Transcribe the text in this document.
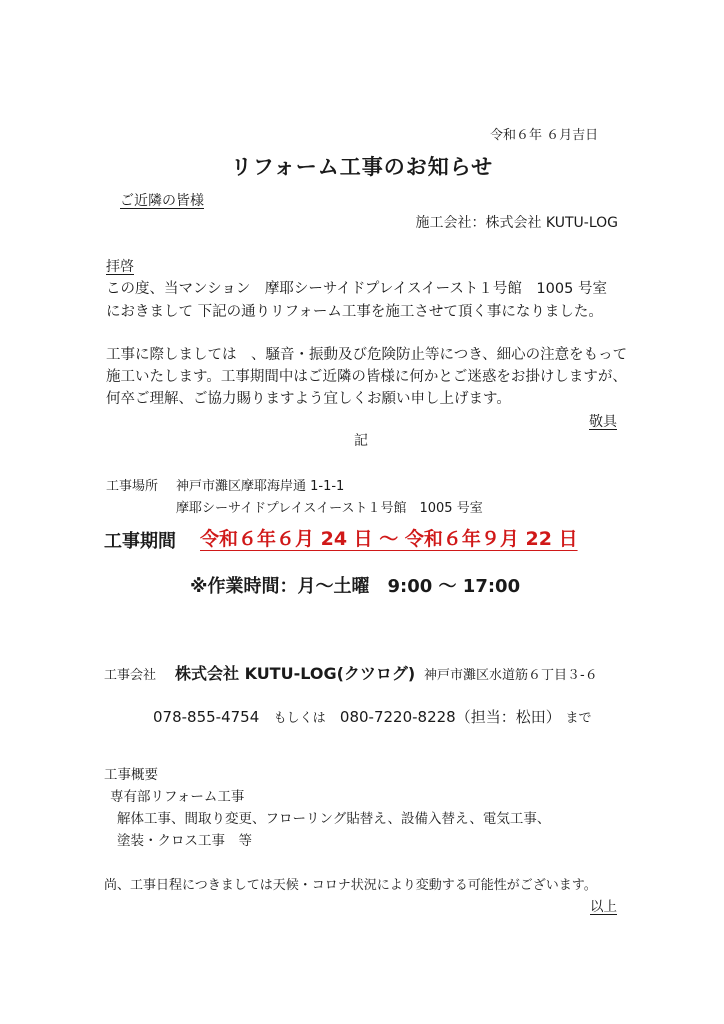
令和６年 ６月吉日
リフォーム工事のお知らせ
ご近隣の皆様
施工会社：株式会社 KUTU-LOG
拝啓
この度、当マンション　摩耶シーサイドプレイスイースト１号館　1005 号室
におきまして 下記の通りリフォーム工事を施工させて頂く事になりました。
工事に際しましては　、騒音・振動及び危険防止等につき、細心の注意をもって
施工いたします。工事期間中はご近隣の皆様に何かとご迷惑をお掛けしますが、
何卒ご理解、ご協力賜りますよう宜しくお願い申し上げます。
敬具
記
工事場所 神戸市灘区摩耶海岸通 1-1-1
摩耶シーサイドプレイスイースト１号館　1005 号室
工事期間 令和６年６月 24 日 ～ 令和６年９月 22 日
※作業時間：月～土曜　9:00 ～ 17:00
工事会社 株式会社 KUTU-LOG(クツログ) 神戸市灘区水道筋６丁目３-６
078-855-4754 もしくは 080-7220-8228（担当：松田） まで
工事概要
専有部リフォーム工事
解体工事、間取り変更、フローリング貼替え、設備入替え、電気工事、
塗装・クロス工事　等
尚、工事日程につきましては天候・コロナ状況により変動する可能性がございます。
以上
